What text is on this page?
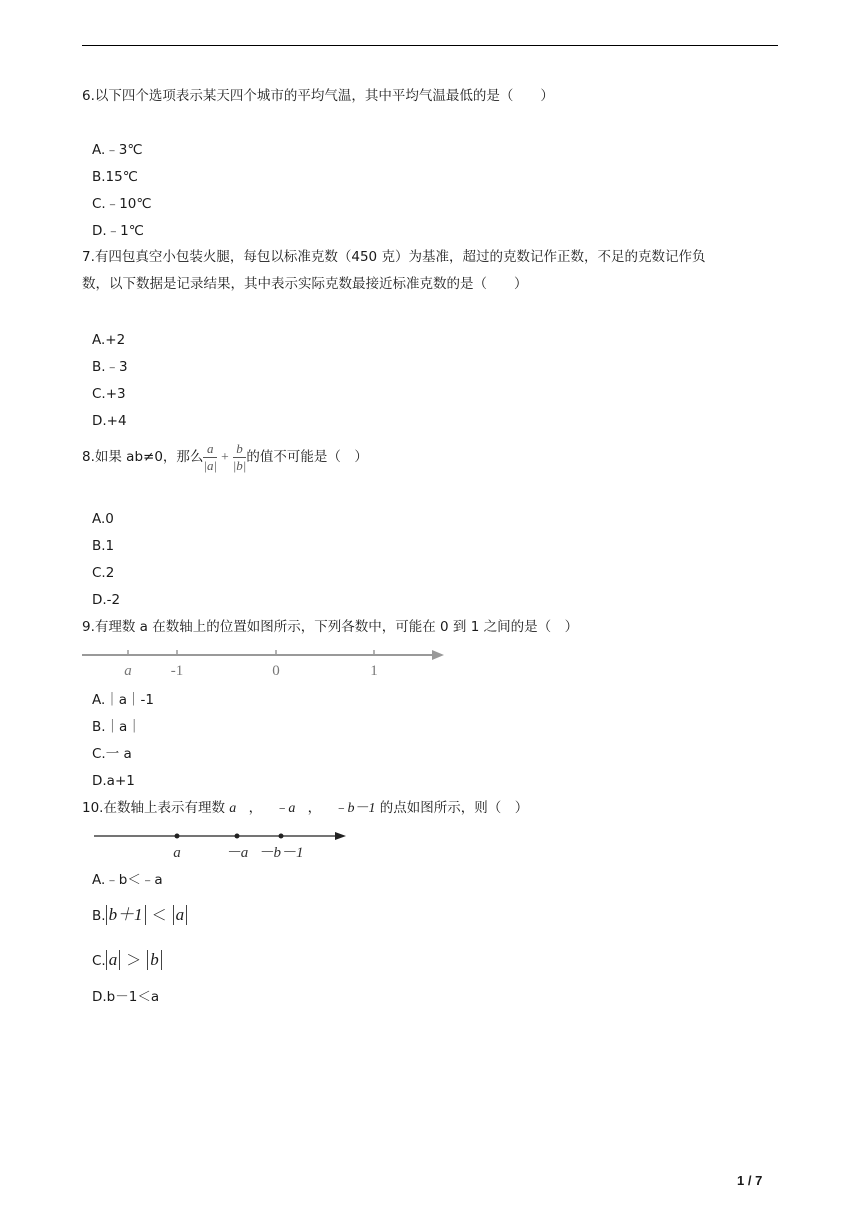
6.以下四个选项表示某天四个城市的平均气温，其中平均气温最低的是（　　）
A.﹣3℃
B.15℃
C.﹣10℃
D.﹣1℃
7.有四包真空小包装火腿，每包以标准克数（450 克）为基准，超过的克数记作正数，不足的克数记作负
数，以下数据是记录结果，其中表示实际克数最接近标准克数的是（　　）
A.+2
B.﹣3
C.+3
D.+4
8.如果 ab≠0，那么$\frac{a}{|a|} + \frac{b}{|b|}$的值不可能是（　）
A.0
B.1
C.2
D.-2
9.有理数 a 在数轴上的位置如图所示，下列各数中，可能在 0 到 1 之间的是（　）
a	-1	0	1
A.｜a｜-1
B.｜a｜
C.一 a
D.a+1
10.在数轴上表示有理数 a ， ﹣a ， ﹣b－1 的点如图所示，则（　）
a	－a －b－1
A.﹣b＜﹣a
B. b＋1 ＜ a
C. a ＞ b
D.b－1＜a
1 / 7
